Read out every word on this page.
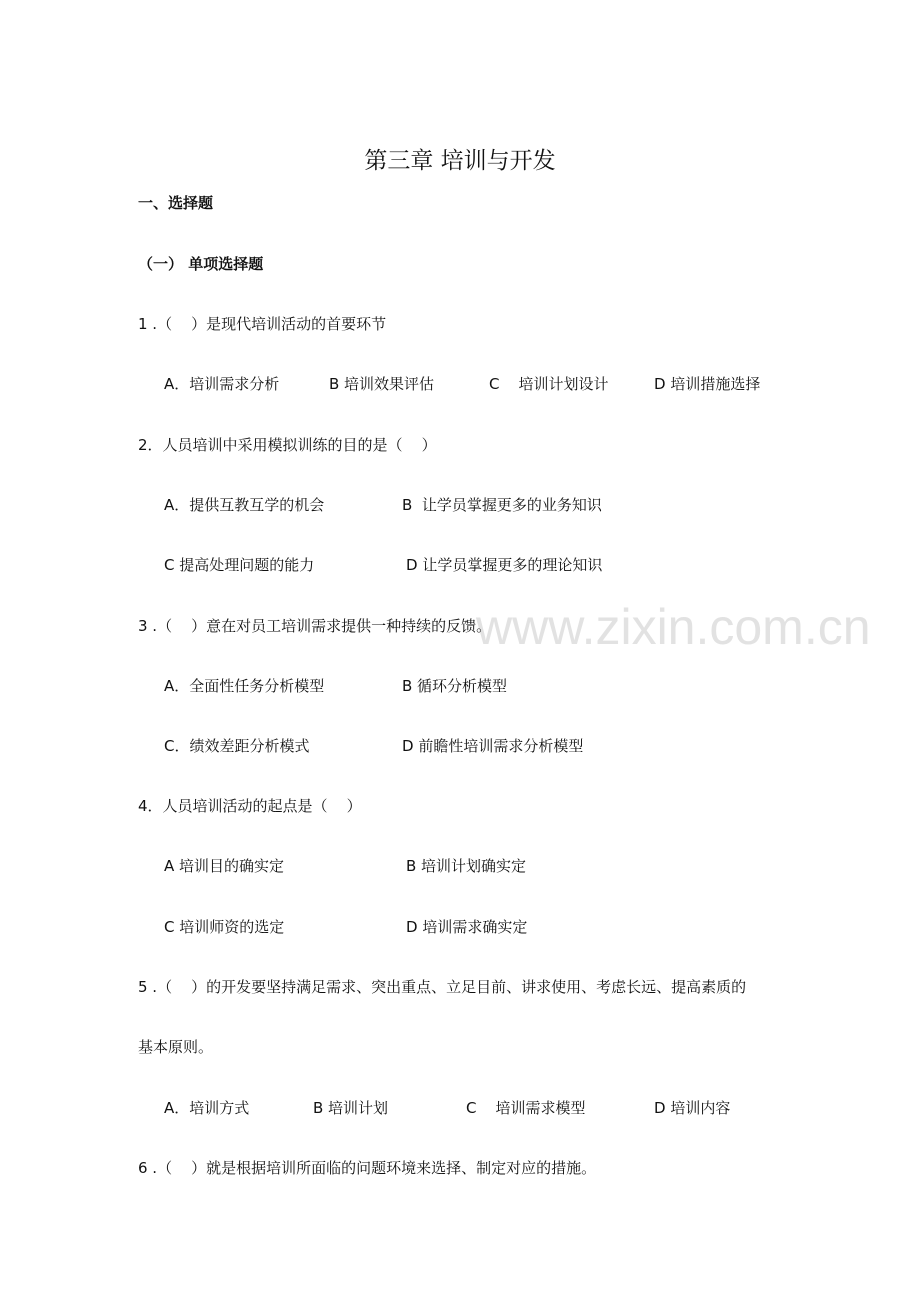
www.zixin.com.cn
第三章 培训与开发
一、选择题
（一） 单项选择题
1 .（    ）是现代培训活动的首要环节
A．培训需求分析	B 培训效果评估	C    培训计划设计	D 培训措施选择
2．人员培训中采用模拟训练的目的是（    ）
A．提供互教互学的机会	B  让学员掌握更多的业务知识
C 提高处理问题的能力	D 让学员掌握更多的理论知识
3 .（    ）意在对员工培训需求提供一种持续的反馈。
A．全面性任务分析模型	B 循环分析模型
C．绩效差距分析模式	D 前瞻性培训需求分析模型
4．人员培训活动的起点是（    ）
A 培训目的确实定	B 培训计划确实定
C 培训师资的选定	D 培训需求确实定
5 .（    ）的开发要坚持满足需求、突出重点、立足目前、讲求使用、考虑长远、提高素质的
基本原则。
A．培训方式	B 培训计划	C    培训需求模型	D 培训内容
6 .（    ）就是根据培训所面临的问题环境来选择、制定对应的措施。
